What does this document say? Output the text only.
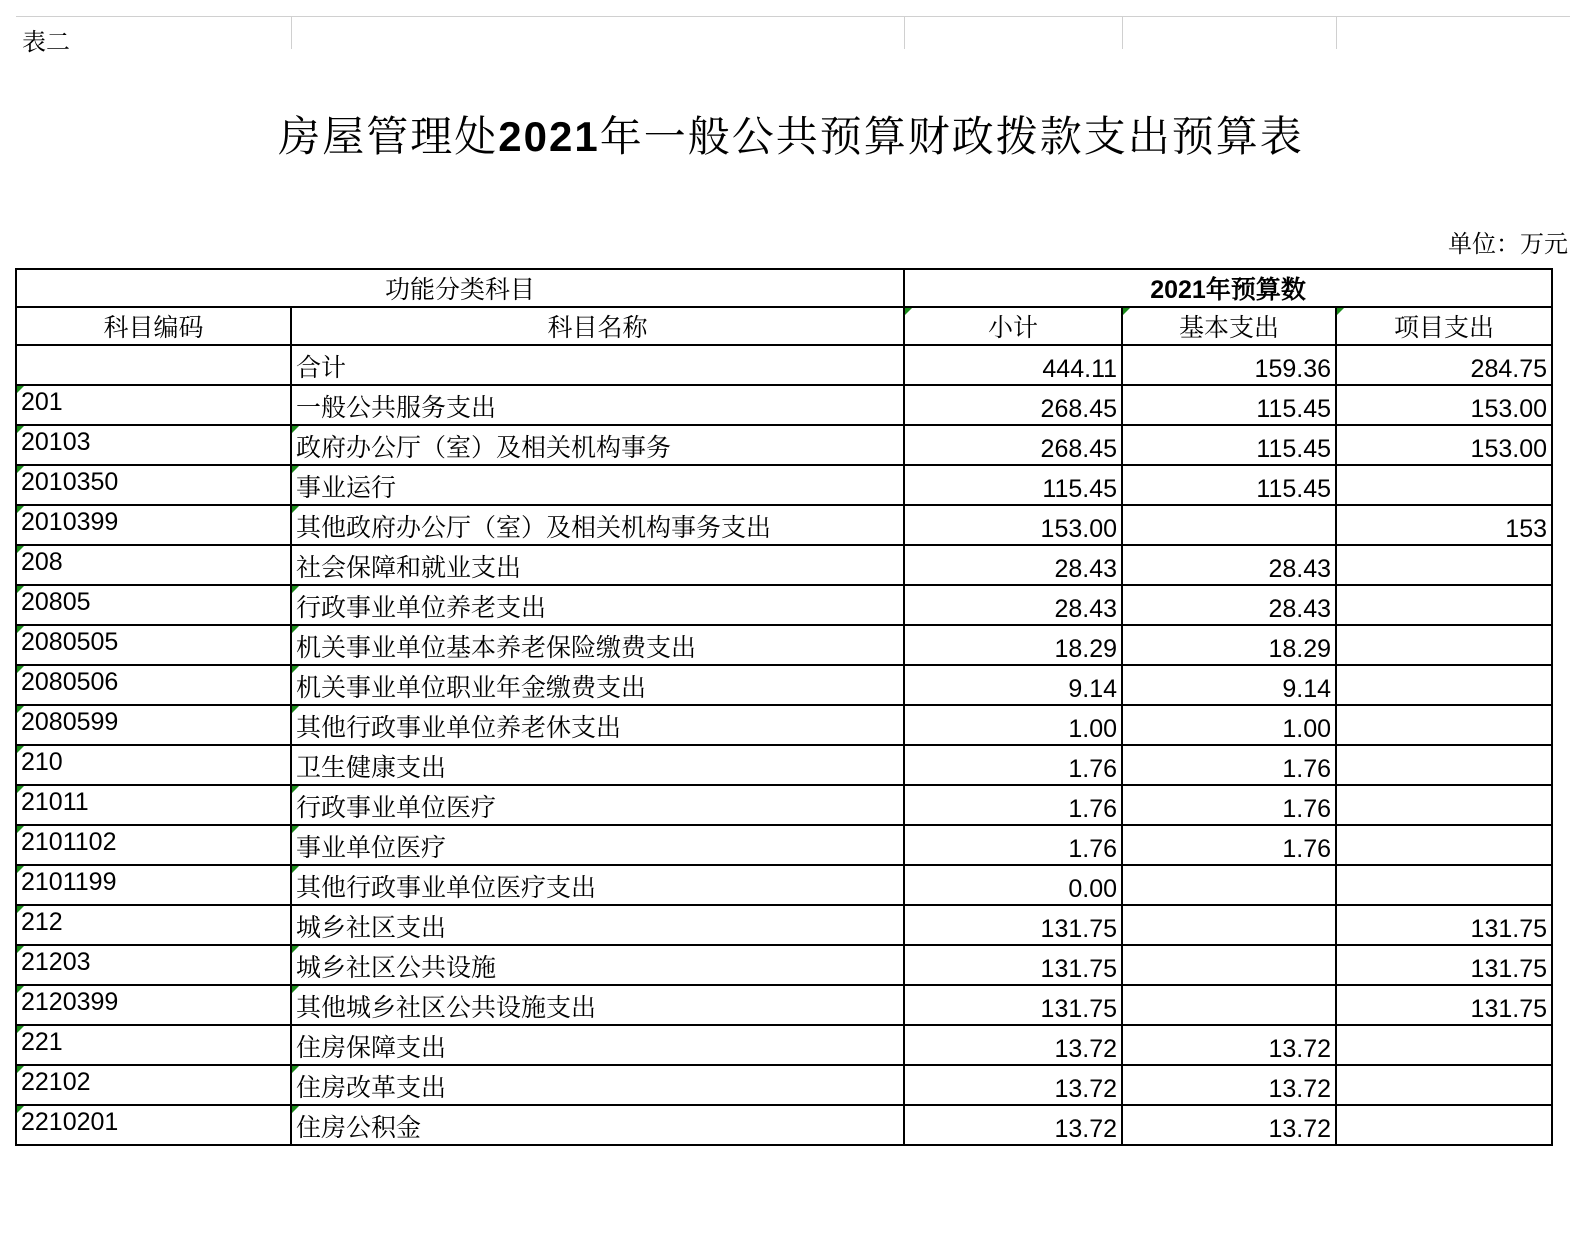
表二
房屋管理处2021年一般公共预算财政拨款支出预算表
单位：万元
功能分类科目		2021年预算数		
科目编码	科目名称	小计	基本支出	项目支出
	合计	444.11	159.36	284.75

201	一般公共服务支出	268.45	115.45	153.00

20103	政府办公厅（室）及相关机构事务	268.45	115.45	153.00

2010350	事业运行	115.45	115.45	

2010399	其他政府办公厅（室）及相关机构事务支出	153.00		153

208	社会保障和就业支出	28.43	28.43	

20805	行政事业单位养老支出	28.43	28.43	

2080505	机关事业单位基本养老保险缴费支出	18.29	18.29	

2080506	机关事业单位职业年金缴费支出	9.14	9.14	

2080599	其他行政事业单位养老休支出	1.00	1.00	

210	卫生健康支出	1.76	1.76	

21011	行政事业单位医疗	1.76	1.76	

2101102	事业单位医疗	1.76	1.76	

2101199	其他行政事业单位医疗支出	0.00		

212	城乡社区支出	131.75		131.75

21203	城乡社区公共设施	131.75		131.75

2120399	其他城乡社区公共设施支出	131.75		131.75

221	住房保障支出	13.72	13.72	

22102	住房改革支出	13.72	13.72	

2210201	住房公积金	13.72	13.72	
